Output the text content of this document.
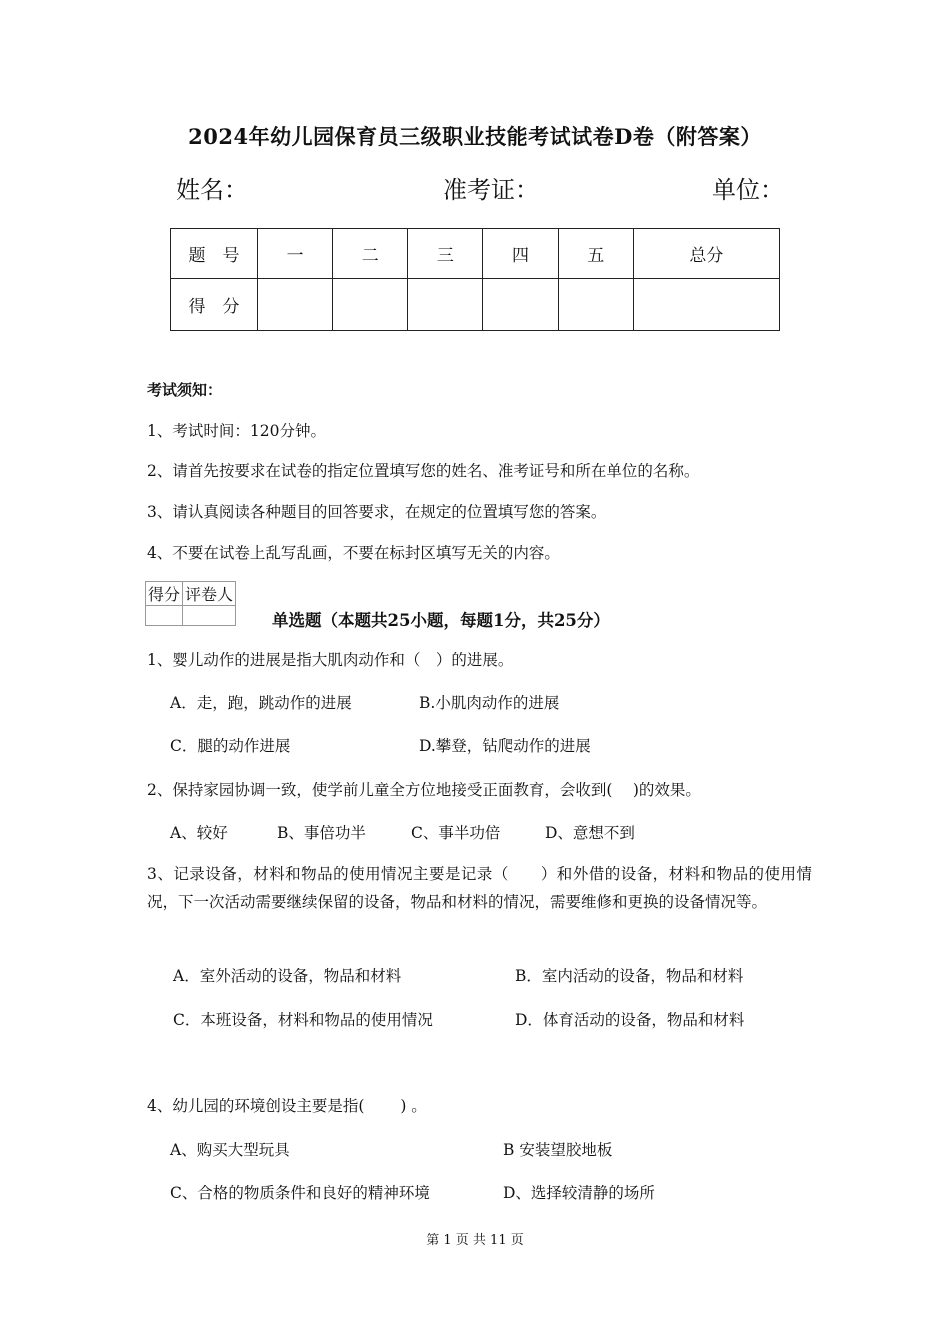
2024年幼儿园保育员三级职业技能考试试卷D卷（附答案）
姓名：	准考证：	单位：
题　号	一	二	三	四	五	总分
得　分						
考试须知：
1、考试时间：120分钟。
2、请首先按要求在试卷的指定位置填写您的姓名、准考证号和所在单位的名称。
3、请认真阅读各种题目的回答要求，在规定的位置填写您的答案。
4、不要在试卷上乱写乱画，不要在标封区填写无关的内容。
得分	评卷人

单选题（本题共25小题，每题1分，共25分）
1、婴儿动作的进展是指大肌肉动作和（　）的进展。
A．走，跑，跳动作的进展	B.小肌肉动作的进展
C．腿的动作进展	D.攀登，钻爬动作的进展
2、保持家园协调一致，使学前儿童全方位地接受正面教育，会收到(　 )的效果。
A、较好	B、事倍功半	C、事半功倍	D、意想不到
3、记录设备，材料和物品的使用情况主要是记录（　　）和外借的设备，材料和物品的使用情况，下一次活动需要继续保留的设备，物品和材料的情况，需要维修和更换的设备情况等。
A．室外活动的设备，物品和材料	B．室内活动的设备，物品和材料
C．本班设备，材料和物品的使用情况	D．体育活动的设备，物品和材料
4、幼儿园的环境创设主要是指(　　 ) 。
A、购买大型玩具	B 安装望胶地板
C、合格的物质条件和良好的精神环境	D、选择较清静的场所
第 1 页 共 11 页
